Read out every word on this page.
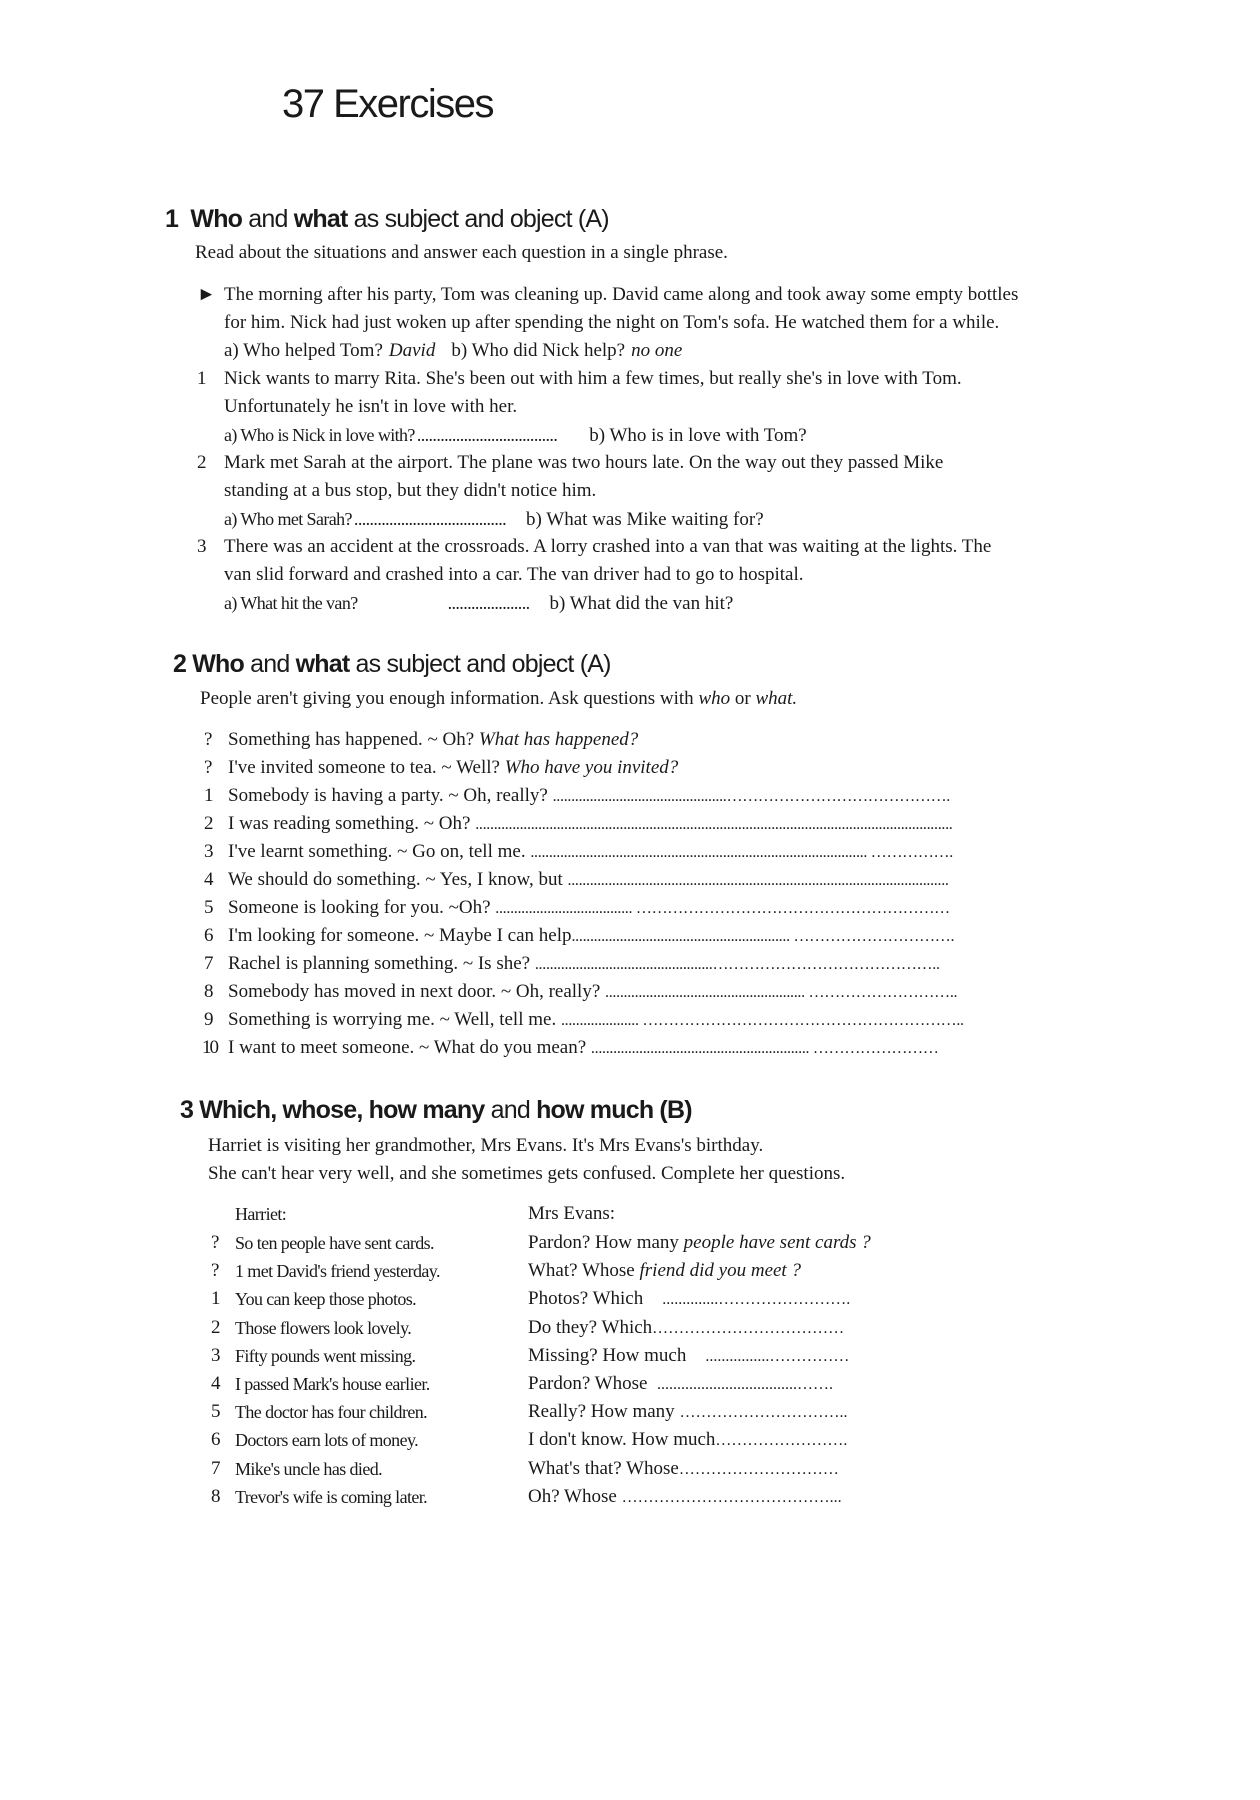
37 Exercises
1 Who and what as subject and object (A)
Read about the situations and answer each question in a single phrase.
► The morning after his party, Tom was cleaning up. David came along and took away some empty bottles
for him. Nick had just woken up after spending the night on Tom's sofa. He watched them for a while.
a) Who helped Tom? David b) Who did Nick help? no one
1 Nick wants to marry Rita. She's been out with him a few times, but really she's in love with Tom.
Unfortunately he isn't in love with her.
a) Who is Nick in love with? .................................... b) Who is in love with Tom?
2 Mark met Sarah at the airport. The plane was two hours late. On the way out they passed Mike
standing at a bus stop, but they didn't notice him.
a) Who met Sarah? ....................................... b) What was Mike waiting for?
3 There was an accident at the crossroads. A lorry crashed into a van that was waiting at the lights. The
van slid forward and crashed into a car. The van driver had to go to hospital.
a) What hit the van?	..................... b) What did the van hit?
2 Who and what as subject and object (A)
People aren't giving you enough information. Ask questions with who or what.
? Something has happened. ~ Oh? What has happened?
? I've invited someone to tea. ~ Well? Who have you invited?
1 Somebody is having a party. ~ Oh, really? ...............................................…………………………………….
2 I was reading something. ~ Oh? .................................................................................................................................
3 I've learnt something. ~ Go on, tell me. ........................................................................................... …………….
4 We should do something. ~ Yes, I know, but .......................................................................................................
5 Someone is looking for you. ~Oh? ..................................... ……………………………………………………
6 I'm looking for someone. ~ Maybe I can help........................................................... ………………………….
7 Rachel is planning something. ~ Is she? ................................................……………………………………..
8 Somebody has moved in next door. ~ Oh, really? ...................................................... ………………………..
9 Something is worrying me. ~ Well, tell me. ..................... ……………………………………………………..
10 I want to meet someone. ~ What do you mean? ........................................................... ……………………
3 Which, whose, how many and how much (B)
Harriet is visiting her grandmother, Mrs Evans. It's Mrs Evans's birthday.
She can't hear very well, and she sometimes gets confused. Complete her questions.
Harriet:	Mrs Evans:
? So ten people have sent cards.	Pardon? How many people have sent cards ?
? 1 met David's friend yesterday.	What? Whose friend did you meet ?
1 You can keep those photos.	Photos? Which    ..............…………………….
2 Those flowers look lovely.	Do they? Which………………………………
3 Fifty pounds went missing.	Missing? How much    ................……………
4 I passed Mark's house earlier.	Pardon? Whose  ...................................…….
5 The doctor has four children.	Really? How many …………………………..
6 Doctors earn lots of money.	I don't know. How much…………………….
7 Mike's uncle has died.	What's that? Whose…………………………
8 Trevor's wife is coming later.	Oh? Whose …………………………………...
